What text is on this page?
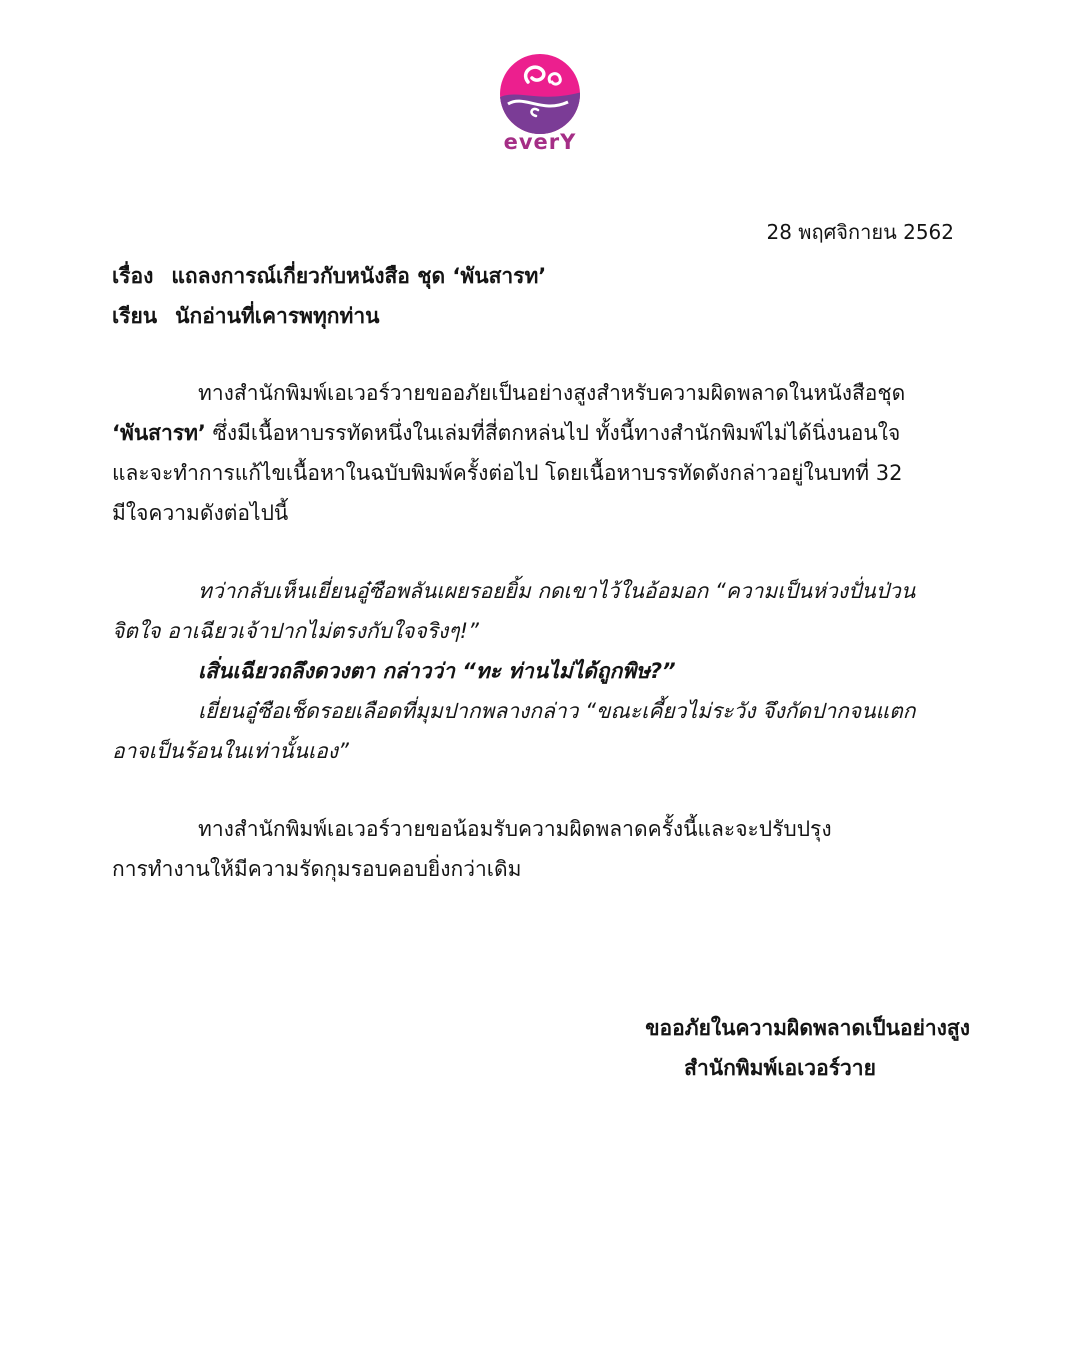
everY
28 พฤศจิกายน 2562
เรื่อง แถลงการณ์เกี่ยวกับหนังสือ ชุด ‘พันสารท’
เรียน นักอ่านที่เคารพทุกท่าน
ทางสำนักพิมพ์เอเวอร์วายขออภัยเป็นอย่างสูงสำหรับความผิดพลาดในหนังสือชุด
‘พันสารท’ ซึ่งมีเนื้อหาบรรทัดหนึ่งในเล่มที่สี่ตกหล่นไป ทั้งนี้ทางสำนักพิมพ์ไม่ได้นิ่งนอนใจ
และจะทำการแก้ไขเนื้อหาในฉบับพิมพ์ครั้งต่อไป โดยเนื้อหาบรรทัดดังกล่าวอยู่ในบทที่ 32
มีใจความดังต่อไปนี้
ทว่ากลับเห็นเยี่ยนอู๋ซือพลันเผยรอยยิ้ม กดเขาไว้ในอ้อมอก “ความเป็นห่วงปั่นป่วน
จิตใจ อาเฉียวเจ้าปากไม่ตรงกับใจจริงๆ!”
เสิ่นเฉียวถลึงดวงตา กล่าวว่า “ทะ ท่านไม่ได้ถูกพิษ?”
เยี่ยนอู๋ซือเช็ดรอยเลือดที่มุมปากพลางกล่าว “ขณะเคี้ยวไม่ระวัง จึงกัดปากจนแตก
อาจเป็นร้อนในเท่านั้นเอง”
ทางสำนักพิมพ์เอเวอร์วายขอน้อมรับความผิดพลาดครั้งนี้และจะปรับปรุง
การทำงานให้มีความรัดกุมรอบคอบยิ่งกว่าเดิม
ขออภัยในความผิดพลาดเป็นอย่างสูง
สำนักพิมพ์เอเวอร์วาย
